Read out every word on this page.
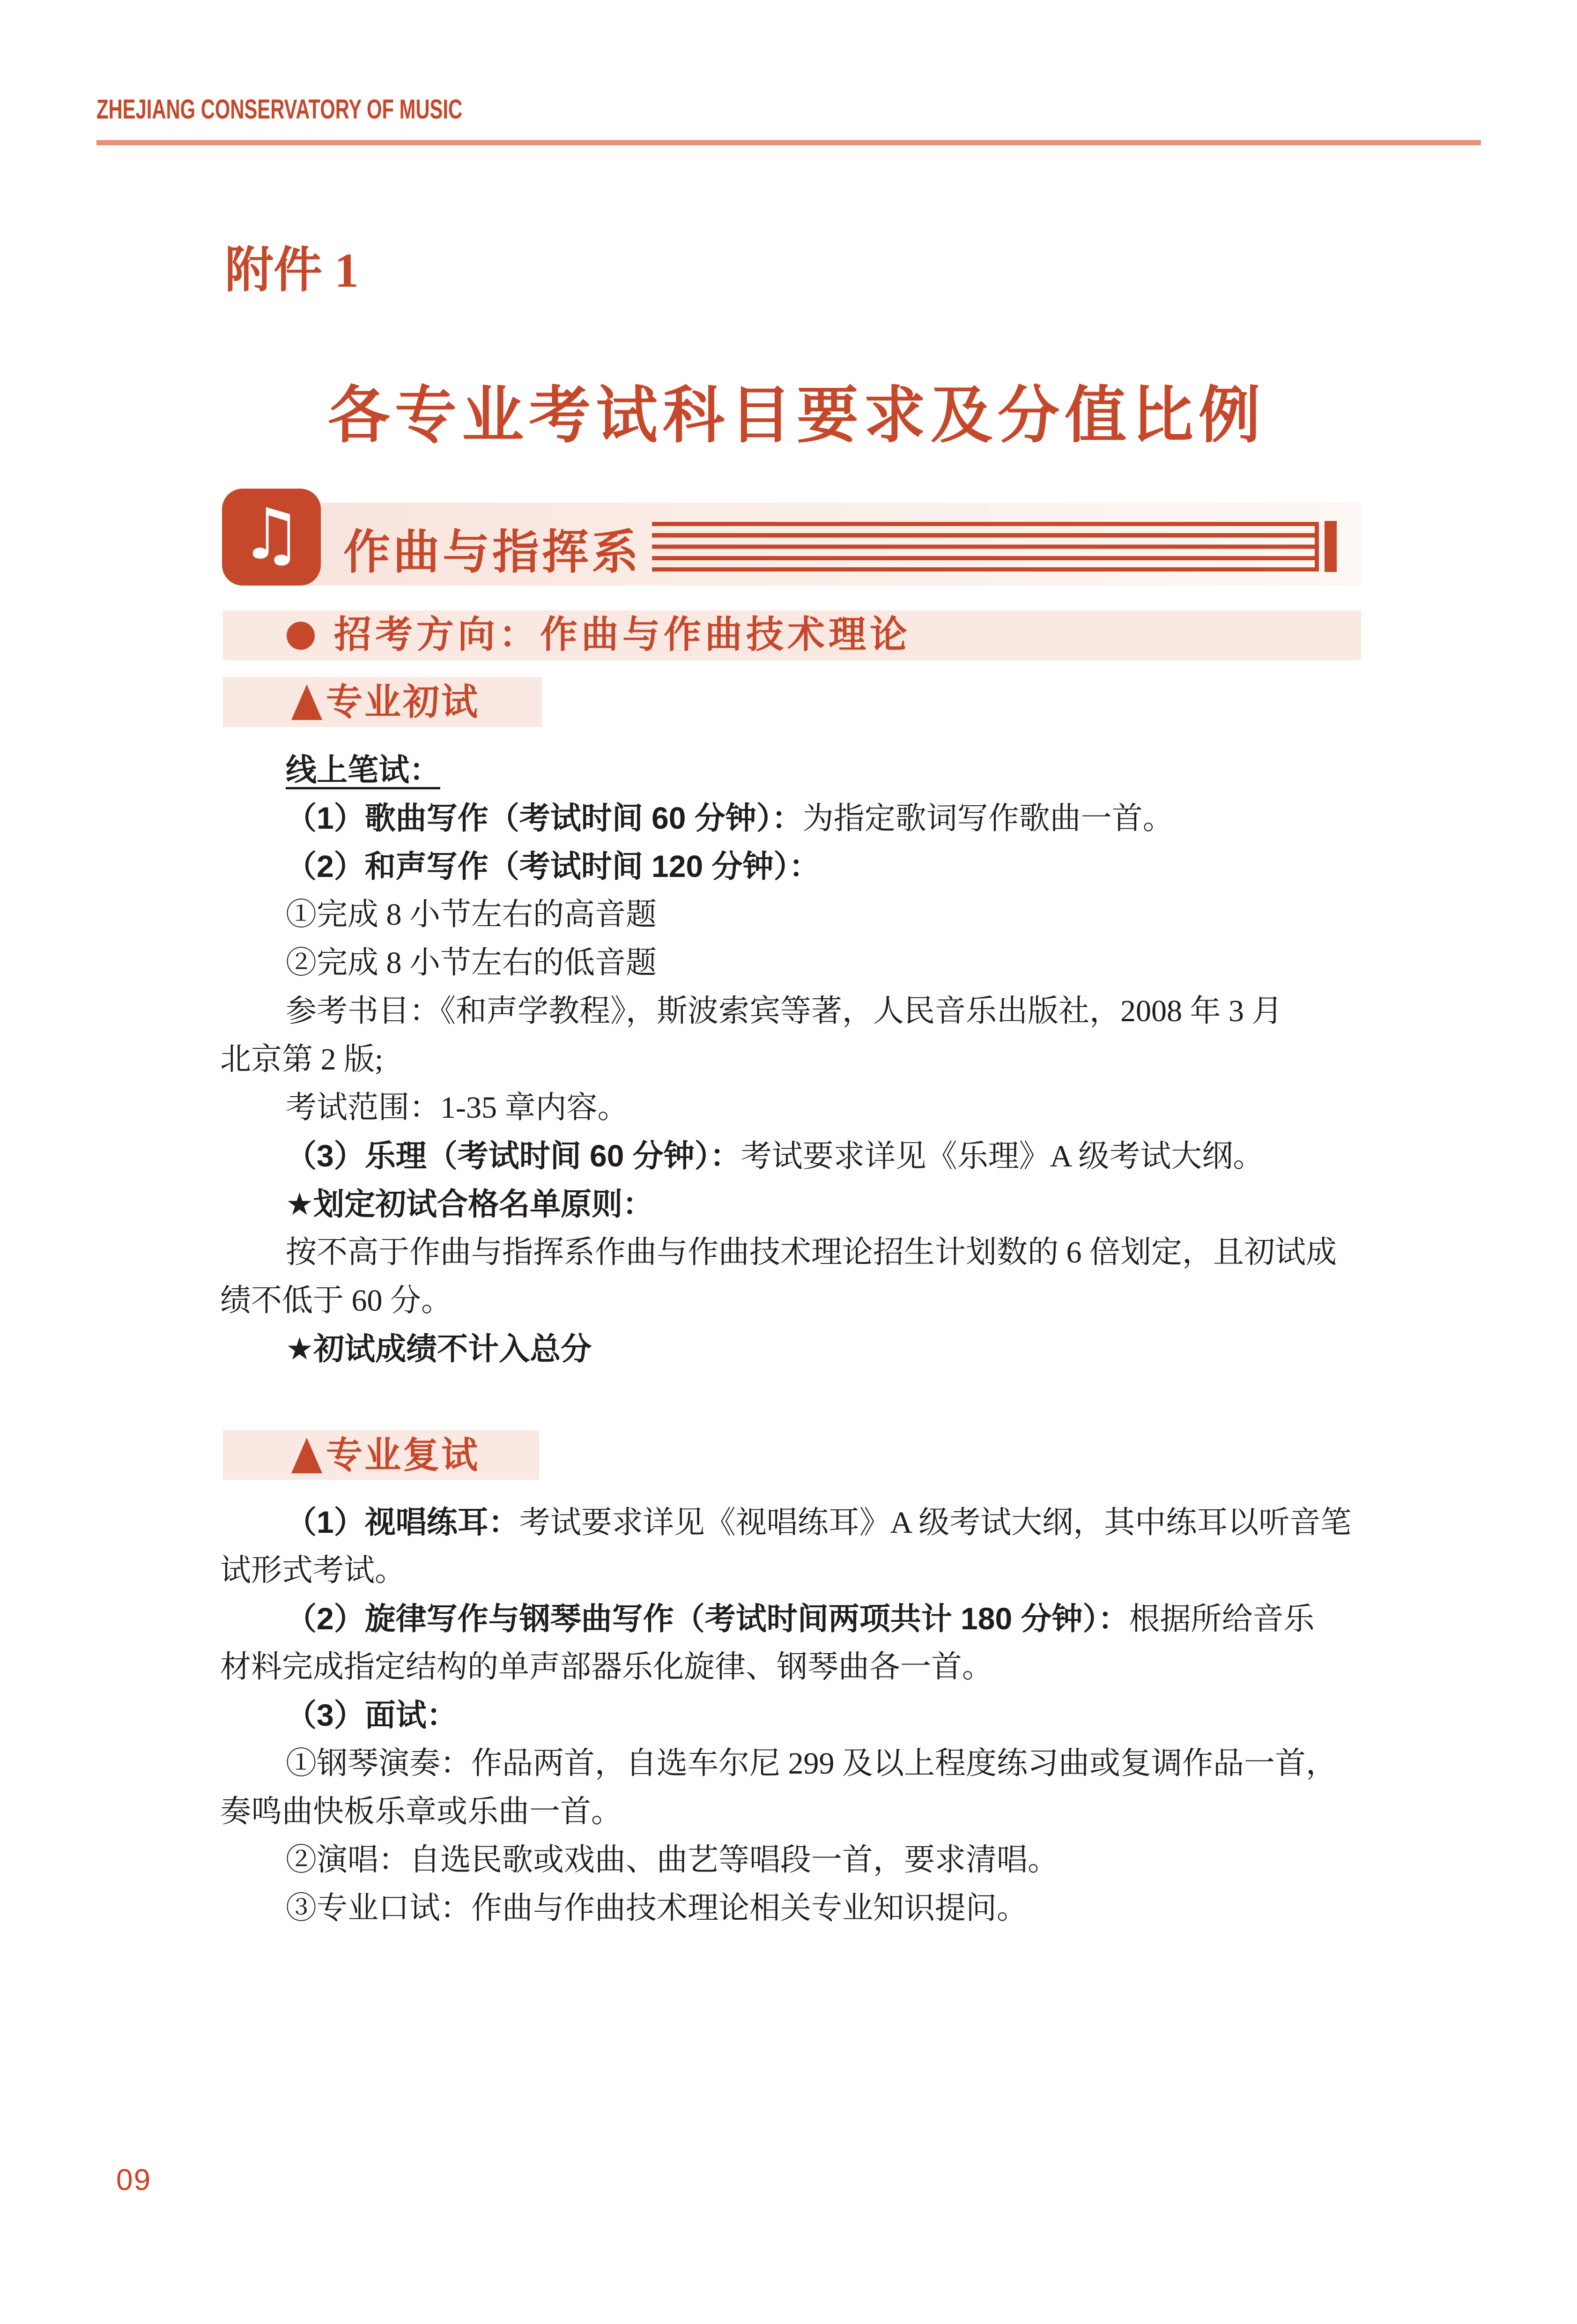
ZHEJIANG CONSERVATORY OF MUSIC
附件 1
各专业考试科目要求及分值比例
♫ 作曲与指挥系
招考方向：作曲与作曲技术理论
专业初试
线上笔试：
（1）歌曲写作（考试时间 60 分钟）：为指定歌词写作歌曲一首。
（2）和声写作（考试时间 120 分钟）：
①完成 8 小节左右的高音题
②完成 8 小节左右的低音题
参考书目：《和声学教程》，斯波索宾等著，人民音乐出版社，2008 年 3 月
北京第 2 版;
考试范围：1-35 章内容。
（3）乐理（考试时间 60 分钟）：考试要求详见《乐理》A 级考试大纲。
★划定初试合格名单原则：
按不高于作曲与指挥系作曲与作曲技术理论招生计划数的 6 倍划定，且初试成
绩不低于 60 分。
★初试成绩不计入总分
专业复试
（1）视唱练耳：考试要求详见《视唱练耳》A 级考试大纲，其中练耳以听音笔
试形式考试。
（2）旋律写作与钢琴曲写作（考试时间两项共计 180 分钟）：根据所给音乐
材料完成指定结构的单声部器乐化旋律、钢琴曲各一首。
（3）面试：
①钢琴演奏：作品两首，自选车尔尼 299 及以上程度练习曲或复调作品一首，
奏鸣曲快板乐章或乐曲一首。
②演唱：自选民歌或戏曲、曲艺等唱段一首，要求清唱。
③专业口试：作曲与作曲技术理论相关专业知识提问。
09
